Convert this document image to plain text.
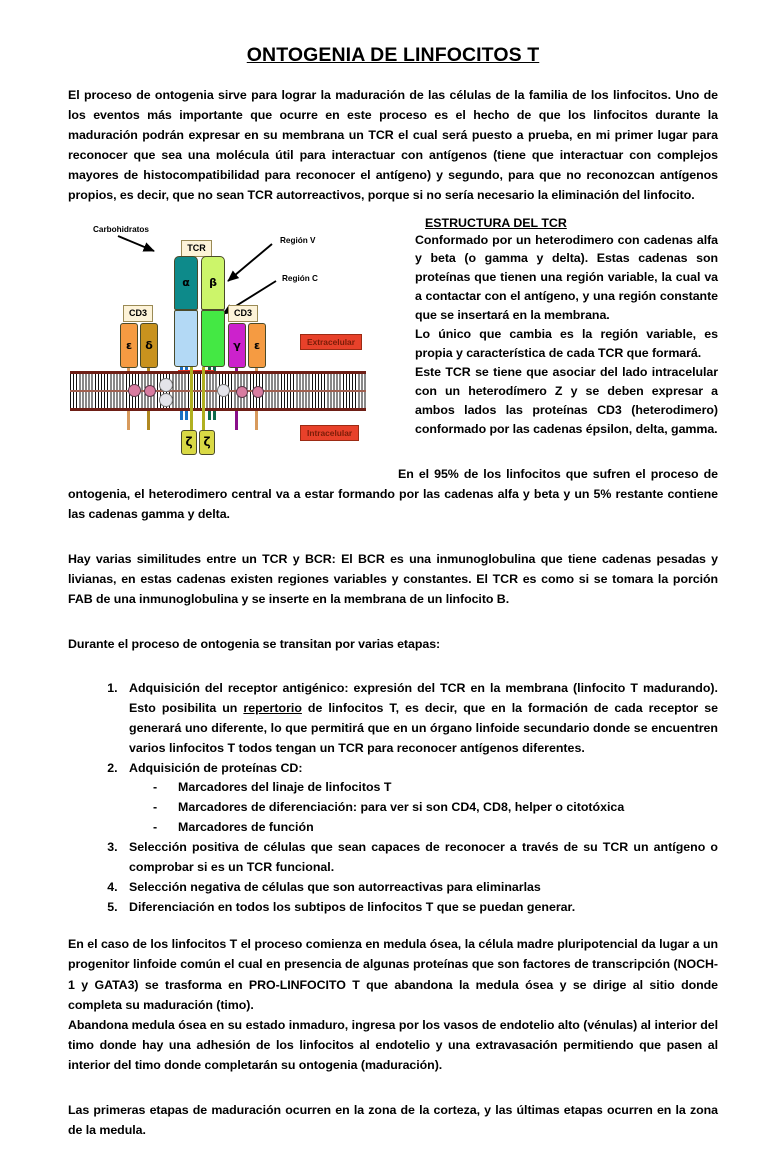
ONTOGENIA DE LINFOCITOS T

El proceso de ontogenia sirve para lograr la maduración de las células de la familia de los linfocitos. Uno de los eventos más importante que ocurre en este proceso es el hecho de que los linfocitos durante la maduración podrán expresar en su membrana un TCR el cual será puesto a prueba, en mi primer lugar para reconocer que sea una molécula útil para interactuar con antígenos (tiene que interactuar con complejos mayores de histocompatibilidad para reconocer el antígeno) y segundo, para que no reconozcan antígenos propios, es decir, que no sean TCR autorreactivos, porque si no sería necesario la eliminación del linfocito.

Carbohidratos
Región V
Región C
TCR
CD3	CD3
Extracelular
Intracelular
α	β
ε	δ	γ	ε
ζ ζ
ESTRUCTURA DEL TCR

Conformado por un heterodimero con cadenas alfa y beta (o gamma y delta). Estas cadenas son proteínas que tienen una región variable, la cual va a contactar con el antígeno, y una región constante que se insertará en la membrana.

Lo único que cambia es la región variable, es propia y característica de cada TCR que formará.

Este TCR se tiene que asociar del lado intracelular con un heterodímero Z y se deben expresar a ambos lados las proteínas CD3 (heterodimero) conformado por las cadenas épsilon, delta, gamma.

En el 95% de los linfocitos que sufren el proceso de ontogenia, el heterodimero central va a estar formando por las cadenas alfa y beta y un 5% restante contiene las cadenas gamma y delta.

Hay varias similitudes entre un TCR y BCR: El BCR es una inmunoglobulina que tiene cadenas pesadas y livianas, en estas cadenas existen regiones variables y constantes. El TCR es como si se tomara la porción FAB de una inmunoglobulina y se inserte en la membrana de un linfocito B.

Durante el proceso de ontogenia se transitan por varias etapas:

1. Adquisición del receptor antigénico: expresión del TCR en la membrana (linfocito T madurando). Esto posibilita un repertorio de linfocitos T, es decir, que en la formación de cada receptor se generará uno diferente, lo que permitirá que en un órgano linfoide secundario donde se encuentren varios linfocitos T todos tengan un TCR para reconocer antígenos diferentes.
2. Adquisición de proteínas CD:
- Marcadores del linaje de linfocitos T
- Marcadores de diferenciación: para ver si son CD4, CD8, helper o citotóxica
- Marcadores de función
3. Selección positiva de células que sean capaces de reconocer a través de su TCR un antígeno o comprobar si es un TCR funcional.
4. Selección negativa de células que son autorreactivas para eliminarlas
5. Diferenciación en todos los subtipos de linfocitos T que se puedan generar.

En el caso de los linfocitos T el proceso comienza en medula ósea, la célula madre pluripotencial da lugar a un progenitor linfoide común el cual en presencia de algunas proteínas que son factores de transcripción (NOCH-1 y GATA3) se trasforma en PRO-LINFOCITO T que abandona la medula ósea y se dirige al sitio donde completa su maduración (timo).

Abandona medula ósea en su estado inmaduro, ingresa por los vasos de endotelio alto (vénulas) al interior del timo donde hay una adhesión de los linfocitos al endotelio y una extravasación permitiendo que pasen al interior del timo donde completarán su ontogenia (maduración).

Las primeras etapas de maduración ocurren en la zona de la corteza, y las últimas etapas ocurren en la zona de la medula.
